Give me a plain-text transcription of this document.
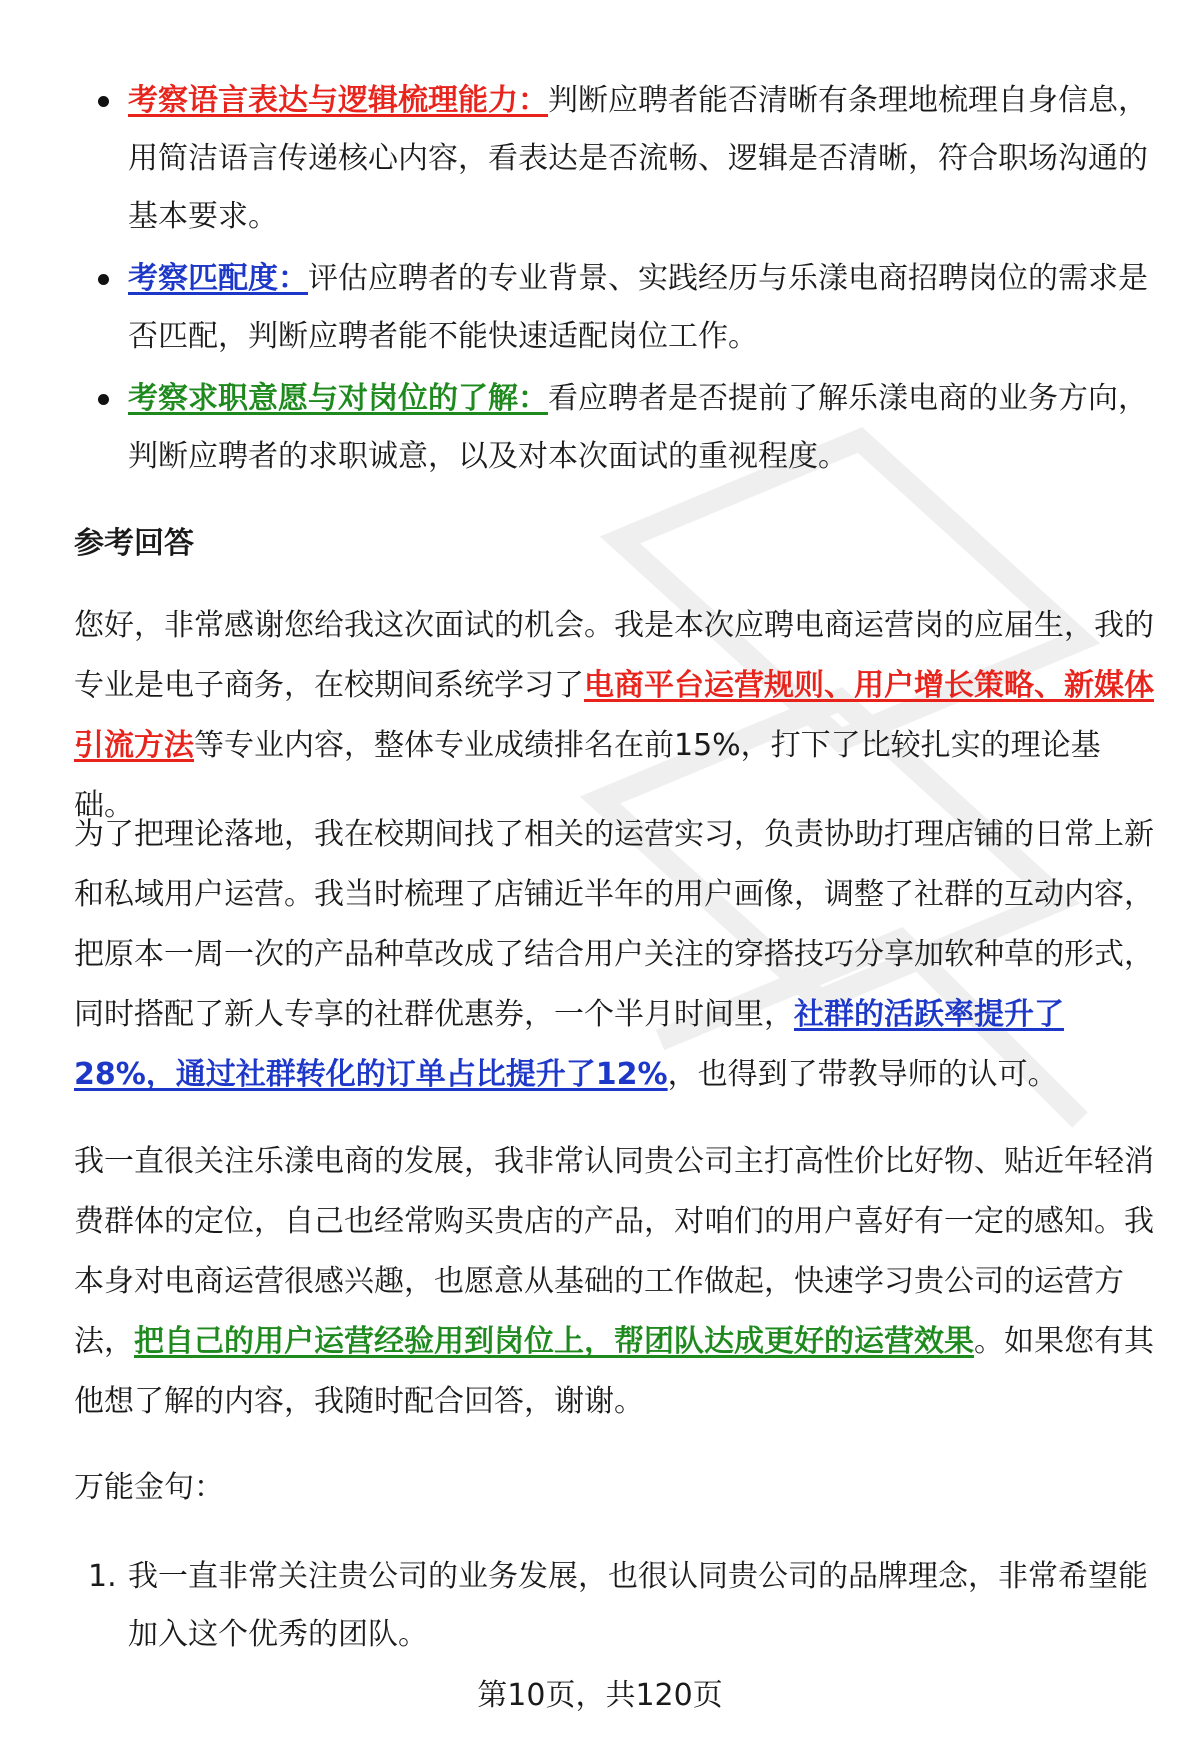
考察语言表达与逻辑梳理能力：判断应聘者能否清晰有条理地梳理自身信息，用简洁语言传递核心内容，看表达是否流畅、逻辑是否清晰，符合职场沟通的基本要求。
考察匹配度：评估应聘者的专业背景、实践经历与乐漾电商招聘岗位的需求是否匹配，判断应聘者能不能快速适配岗位工作。
考察求职意愿与对岗位的了解：看应聘者是否提前了解乐漾电商的业务方向，判断应聘者的求职诚意，以及对本次面试的重视程度。
参考回答

您好，非常感谢您给我这次面试的机会。我是本次应聘电商运营岗的应届生，我的专业是电子商务，在校期间系统学习了电商平台运营规则、用户增长策略、新媒体引流方法等专业内容，整体专业成绩排名在前15%，打下了比较扎实的理论基础。

为了把理论落地，我在校期间找了相关的运营实习，负责协助打理店铺的日常上新和私域用户运营。我当时梳理了店铺近半年的用户画像，调整了社群的互动内容，把原本一周一次的产品种草改成了结合用户关注的穿搭技巧分享加软种草的形式，同时搭配了新人专享的社群优惠券，一个半月时间里，社群的活跃率提升了28%，通过社群转化的订单占比提升了12%，也得到了带教导师的认可。

我一直很关注乐漾电商的发展，我非常认同贵公司主打高性价比好物、贴近年轻消费群体的定位，自己也经常购买贵店的产品，对咱们的用户喜好有一定的感知。我本身对电商运营很感兴趣，也愿意从基础的工作做起，快速学习贵公司的运营方法，把自己的用户运营经验用到岗位上，帮团队达成更好的运营效果。如果您有其他想了解的内容，我随时配合回答，谢谢。

万能金句：

1. 我一直非常关注贵公司的业务发展，也很认同贵公司的品牌理念，非常希望能加入这个优秀的团队。
第10页，共120页
